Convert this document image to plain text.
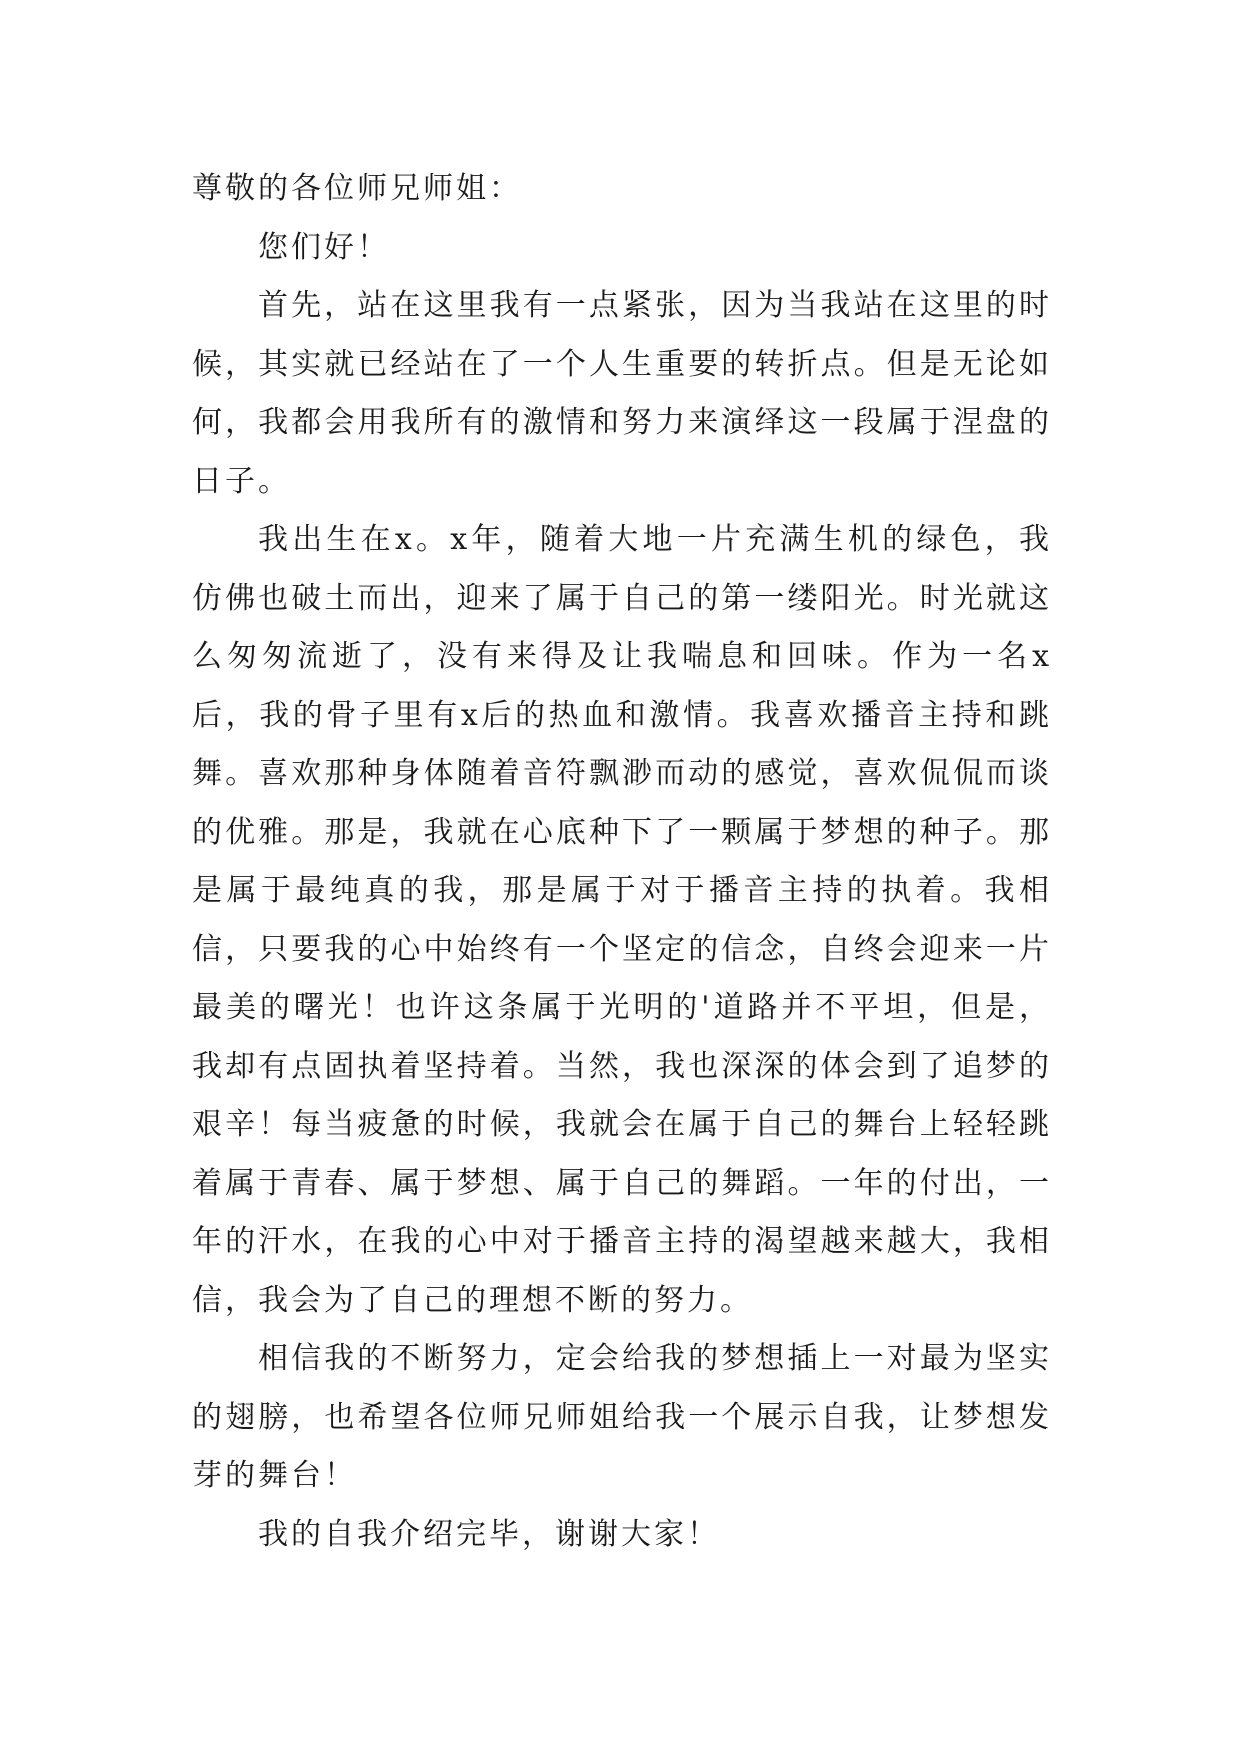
尊敬的各位师兄师姐：

您们好！

首先，站在这里我有一点紧张，因为当我站在这里的时候，其实就已经站在了一个人生重要的转折点。但是无论如何，我都会用我所有的激情和努力来演绎这一段属于涅盘的日子。

我出生在x。x年，随着大地一片充满生机的绿色，我仿佛也破土而出，迎来了属于自己的第一缕阳光。时光就这么匆匆流逝了，没有来得及让我喘息和回味。作为一名x后，我的骨子里有x后的热血和激情。我喜欢播音主持和跳舞。喜欢那种身体随着音符飘渺而动的感觉，喜欢侃侃而谈的优雅。那是，我就在心底种下了一颗属于梦想的种子。那是属于最纯真的我，那是属于对于播音主持的执着。我相信，只要我的心中始终有一个坚定的信念，自终会迎来一片最美的曙光！也许这条属于光明的'道路并不平坦，但是，我却有点固执着坚持着。当然，我也深深的体会到了追梦的艰辛！每当疲惫的时候，我就会在属于自己的舞台上轻轻跳着属于青春、属于梦想、属于自己的舞蹈。一年的付出，一年的汗水，在我的心中对于播音主持的渴望越来越大，我相信，我会为了自己的理想不断的努力。

相信我的不断努力，定会给我的梦想插上一对最为坚实的翅膀，也希望各位师兄师姐给我一个展示自我，让梦想发芽的舞台！

我的自我介绍完毕，谢谢大家！
